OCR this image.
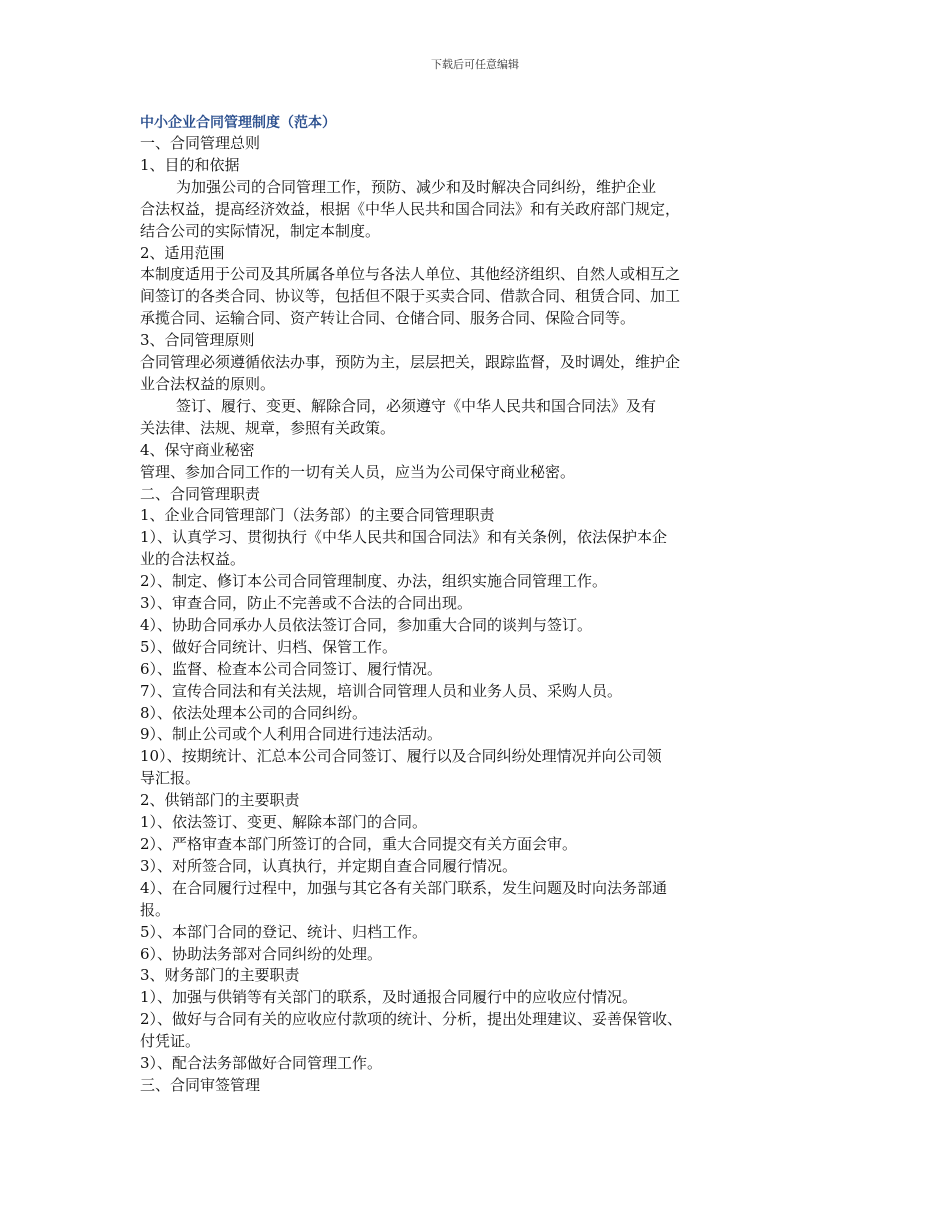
下载后可任意编辑
中小企业合同管理制度（范本）
一、合同管理总则
1、目的和依据
为加强公司的合同管理工作，预防、减少和及时解决合同纠纷，维护企业
合法权益，提高经济效益，根据《中华人民共和国合同法》和有关政府部门规定，
结合公司的实际情况，制定本制度。
2、适用范围
本制度适用于公司及其所属各单位与各法人单位、其他经济组织、自然人或相互之
间签订的各类合同、协议等，包括但不限于买卖合同、借款合同、租赁合同、加工
承揽合同、运输合同、资产转让合同、仓储合同、服务合同、保险合同等。
3、合同管理原则
合同管理必须遵循依法办事，预防为主，层层把关，跟踪监督，及时调处，维护企
业合法权益的原则。
签订、履行、变更、解除合同，必须遵守《中华人民共和国合同法》及有
关法律、法规、规章，参照有关政策。
4、保守商业秘密
管理、参加合同工作的一切有关人员，应当为公司保守商业秘密。
二、合同管理职责
1、企业合同管理部门（法务部）的主要合同管理职责
1）、认真学习、贯彻执行《中华人民共和国合同法》和有关条例，依法保护本企
业的合法权益。
2）、制定、修订本公司合同管理制度、办法，组织实施合同管理工作。
3）、审查合同，防止不完善或不合法的合同出现。
4）、协助合同承办人员依法签订合同，参加重大合同的谈判与签订。
5）、做好合同统计、归档、保管工作。
6）、监督、检查本公司合同签订、履行情况。
7）、宣传合同法和有关法规，培训合同管理人员和业务人员、采购人员。
8）、依法处理本公司的合同纠纷。
9）、制止公司或个人利用合同进行违法活动。
10）、按期统计、汇总本公司合同签订、履行以及合同纠纷处理情况并向公司领
导汇报。
2、供销部门的主要职责
1）、依法签订、变更、解除本部门的合同。
2）、严格审查本部门所签订的合同，重大合同提交有关方面会审。
3）、对所签合同，认真执行，并定期自查合同履行情况。
4）、在合同履行过程中，加强与其它各有关部门联系，发生问题及时向法务部通
报。
5）、本部门合同的登记、统计、归档工作。
6）、协助法务部对合同纠纷的处理。
3、财务部门的主要职责
1）、加强与供销等有关部门的联系，及时通报合同履行中的应收应付情况。
2）、做好与合同有关的应收应付款项的统计、分析，提出处理建议、妥善保管收、
付凭证。
3）、配合法务部做好合同管理工作。
三、合同审签管理
